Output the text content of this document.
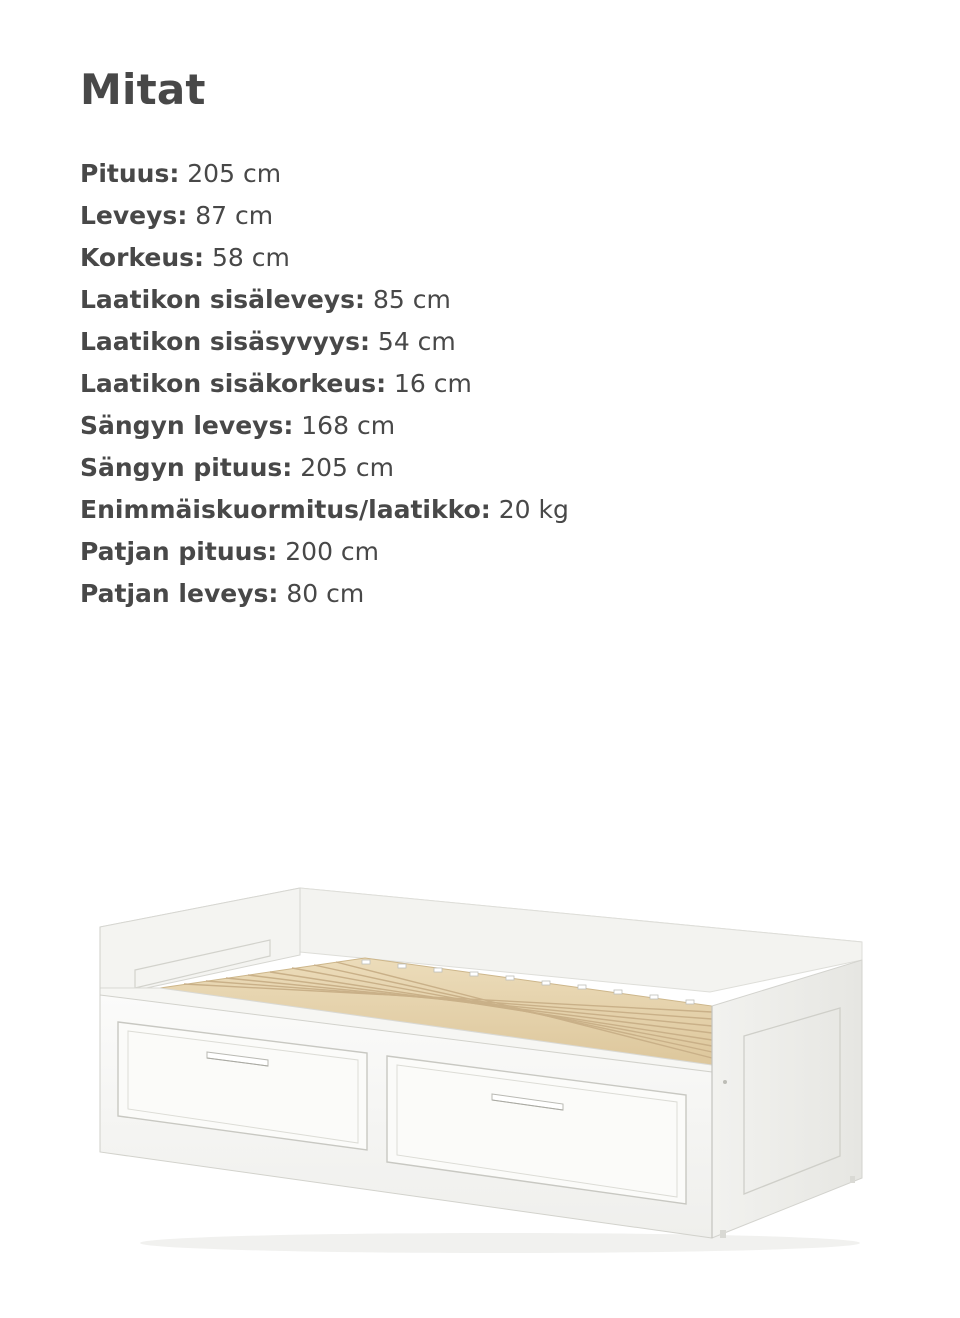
Mitat
Pituus: 205 cm
Leveys: 87 cm
Korkeus: 58 cm
Laatikon sisäleveys: 85 cm
Laatikon sisäsyvyys: 54 cm
Laatikon sisäkorkeus: 16 cm
Sängyn leveys: 168 cm
Sängyn pituus: 205 cm
Enimmäiskuormitus/laatikko: 20 kg
Patjan pituus: 200 cm
Patjan leveys: 80 cm
